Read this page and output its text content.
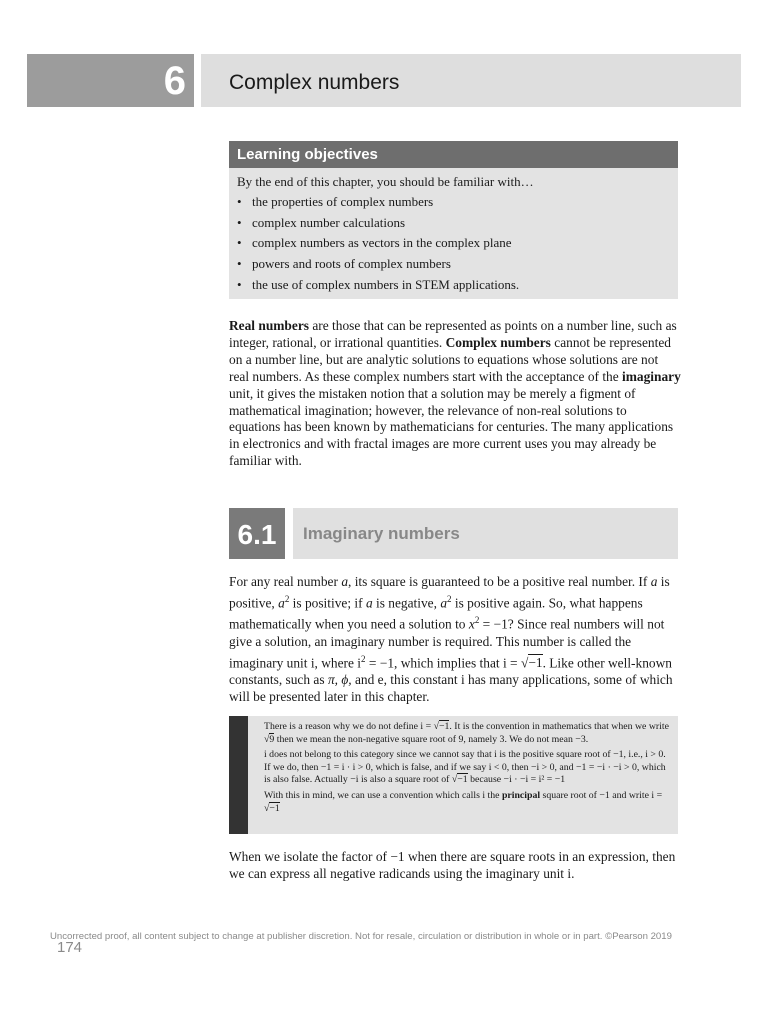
6 Complex numbers
Learning objectives
By the end of this chapter, you should be familiar with…
• the properties of complex numbers
• complex number calculations
• complex numbers as vectors in the complex plane
• powers and roots of complex numbers
• the use of complex numbers in STEM applications.
Real numbers are those that can be represented as points on a number line, such as integer, rational, or irrational quantities. Complex numbers cannot be represented on a number line, but are analytic solutions to equations whose solutions are not real numbers. As these complex numbers start with the acceptance of the imaginary unit, it gives the mistaken notion that a solution may be merely a figment of mathematical imagination; however, the relevance of non-real solutions to equations has been known by mathematicians for centuries. The many applications in electronics and with fractal images are more current uses you may already be familiar with.
6.1	Imaginary numbers
For any real number a, its square is guaranteed to be a positive real number. If a is positive, $a^2$ is positive; if a is negative, $a^2$ is positive again. So, what happens mathematically when you need a solution to $x^2 = -1$? Since real numbers will not give a solution, an imaginary number is required. This number is called the imaginary unit i, where $i^2 = -1$, which implies that i = √−1. Like other well-known constants, such as π, ϕ, and e, this constant i has many applications, some of which will be presented later in this chapter.

There is a reason why we do not define i = √−1. It is the convention in mathematics that when we write √9 then we mean the non-negative square root of 9, namely 3. We do not mean −3.

i does not belong to this category since we cannot say that i is the positive square root of −1, i.e., i > 0. If we do, then −1 = i · i > 0, which is false, and if we say i < 0, then −i > 0, and −1 = −i · −i > 0, which is also false. Actually −i is also a square root of √−1 because −i · −i = i² = −1

With this in mind, we can use a convention which calls i the principal square root of −1 and write i = √−1

When we isolate the factor of −1 when there are square roots in an expression, then we can express all negative radicands using the imaginary unit i.
Uncorrected proof, all content subject to change at publisher discretion. Not for resale, circulation or distribution in whole or in part. ©Pearson 2019
174
